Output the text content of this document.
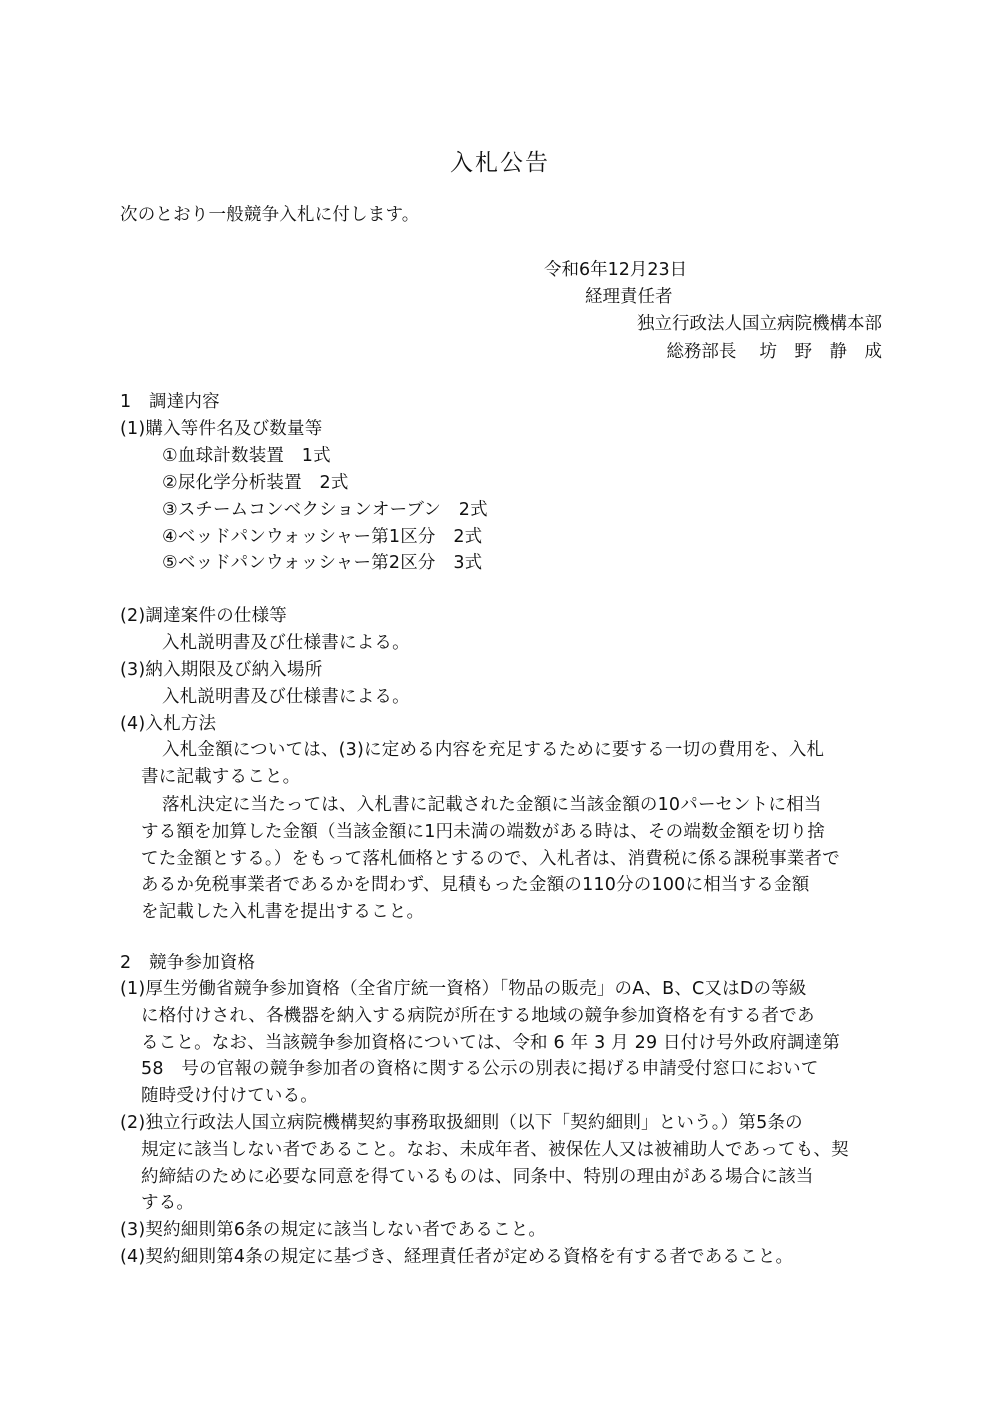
入札公告
次のとおり一般競争入札に付します。
令和6年12月23日
経理責任者
独立行政法人国立病院機構本部
総務部長　 坊　野　静　成
1　調達内容
(1)購入等件名及び数量等
①血球計数装置　1式
②尿化学分析装置　2式
③スチームコンベクションオーブン　2式
④ベッドパンウォッシャー第1区分　2式
⑤ベッドパンウォッシャー第2区分　3式
(2)調達案件の仕様等
入札説明書及び仕様書による。
(3)納入期限及び納入場所
入札説明書及び仕様書による。
(4)入札方法
入札金額については、(3)に定める内容を充足するために要する一切の費用を、入札
書に記載すること。
落札決定に当たっては、入札書に記載された金額に当該金額の10パーセントに相当
する額を加算した金額（当該金額に1円未満の端数がある時は、その端数金額を切り捨
てた金額とする。）をもって落札価格とするので、入札者は、消費税に係る課税事業者で
あるか免税事業者であるかを問わず、見積もった金額の110分の100に相当する金額
を記載した入札書を提出すること。
2　競争参加資格
(1)厚生労働省競争参加資格（全省庁統一資格）「物品の販売」のA、B、C又はDの等級
に格付けされ、各機器を納入する病院が所在する地域の競争参加資格を有する者であ
ること。なお、当該競争参加資格については、令和 6 年 3 月 29 日付け号外政府調達第
58　号の官報の競争参加者の資格に関する公示の別表に掲げる申請受付窓口において
随時受け付けている。
(2)独立行政法人国立病院機構契約事務取扱細則（以下「契約細則」という。）第5条の
規定に該当しない者であること。なお、未成年者、被保佐人又は被補助人であっても、契
約締結のために必要な同意を得ているものは、同条中、特別の理由がある場合に該当
する。
(3)契約細則第6条の規定に該当しない者であること。
(4)契約細則第4条の規定に基づき、経理責任者が定める資格を有する者であること。
